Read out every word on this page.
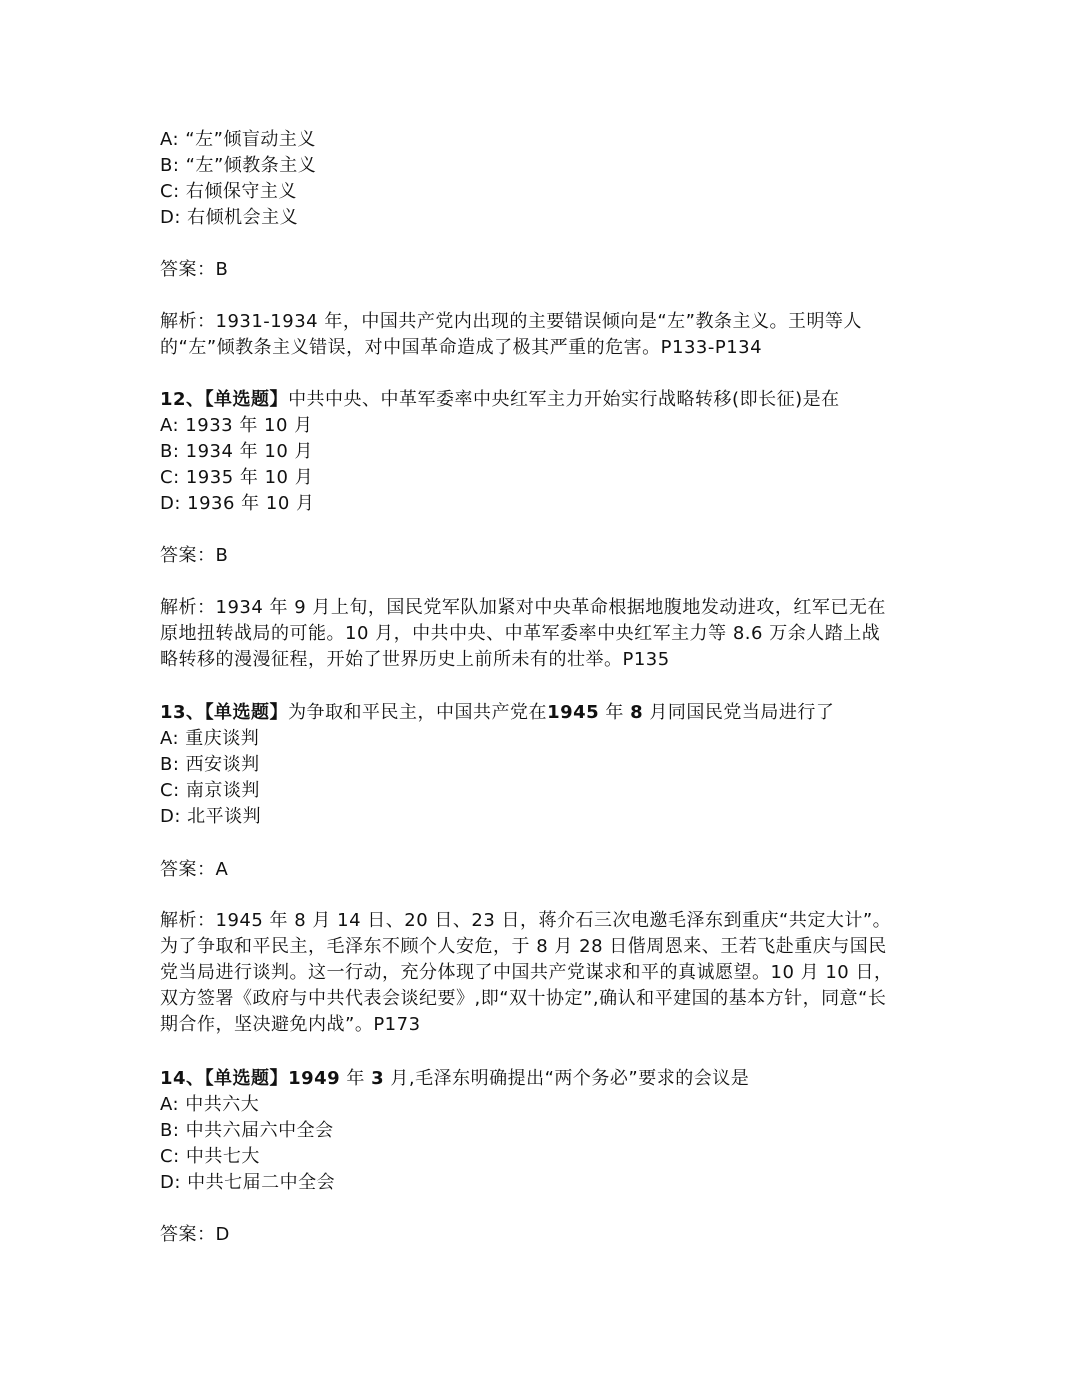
A: “左”倾盲动主义
B: “左”倾教条主义
C: 右倾保守主义
D: 右倾机会主义
答案：B
解析：1931-1934 年，中国共产党内出现的主要错误倾向是“左”教条主义。王明等人
的“左”倾教条主义错误，对中国革命造成了极其严重的危害。P133-P134
12、【单选题】中共中央、中革军委率中央红军主力开始实行战略转移(即长征)是在
A: 1933 年 10 月
B: 1934 年 10 月
C: 1935 年 10 月
D: 1936 年 10 月
答案：B
解析：1934 年 9 月上旬，国民党军队加紧对中央革命根据地腹地发动进攻，红军已无在
原地扭转战局的可能。10 月，中共中央、中革军委率中央红军主力等 8.6 万余人踏上战
略转移的漫漫征程，开始了世界历史上前所未有的壮举。P135
13、【单选题】为争取和平民主，中国共产党在1945 年 8 月同国民党当局进行了
A: 重庆谈判
B: 西安谈判
C: 南京谈判
D: 北平谈判
答案：A
解析：1945 年 8 月 14 日、20 日、23 日，蒋介石三次电邀毛泽东到重庆“共定大计”。
为了争取和平民主，毛泽东不顾个人安危，于 8 月 28 日偕周恩来、王若飞赴重庆与国民
党当局进行谈判。这一行动，充分体现了中国共产党谋求和平的真诚愿望。10 月 10 日，
双方签署《政府与中共代表会谈纪要》,即“双十协定”,确认和平建国的基本方针，同意“长
期合作，坚决避免内战”。P173
14、【单选题】1949 年 3 月,毛泽东明确提出“两个务必”要求的会议是
A: 中共六大
B: 中共六届六中全会
C: 中共七大
D: 中共七届二中全会
答案：D
